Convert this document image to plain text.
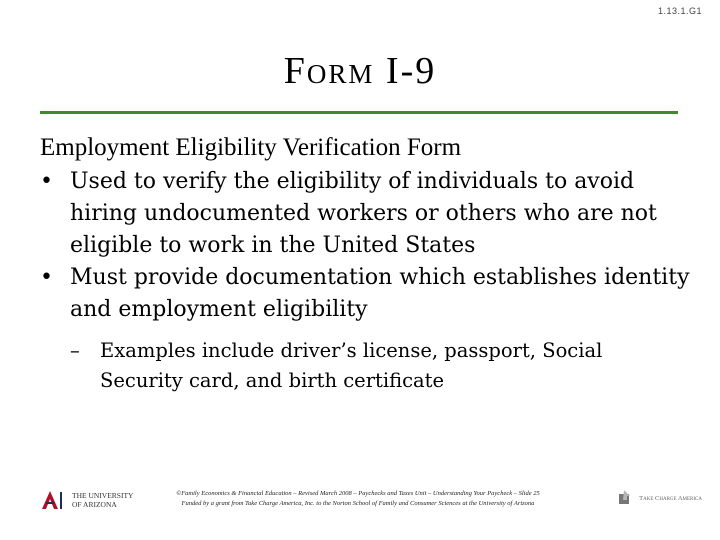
1.13.1.G1
Form I-9

Employment Eligibility Verification Form

• Used to verify the eligibility of individuals to avoid hiring undocumented workers or others who are not eligible to work in the United States

• Must provide documentation which establishes identity and employment eligibility

– Examples include driver’s license, passport, Social Security card, and birth certificate
THE UNIVERSITY
OF ARIZONA
©Family Economics & Financial Education – Revised March 2008 – Paychecks and Taxes Unit – Understanding Your Paycheck – Slide 25
Funded by a grant from Take Charge America, Inc. to the Norton School of Family and Consumer Sciences at the University of Arizona
Take Charge America
